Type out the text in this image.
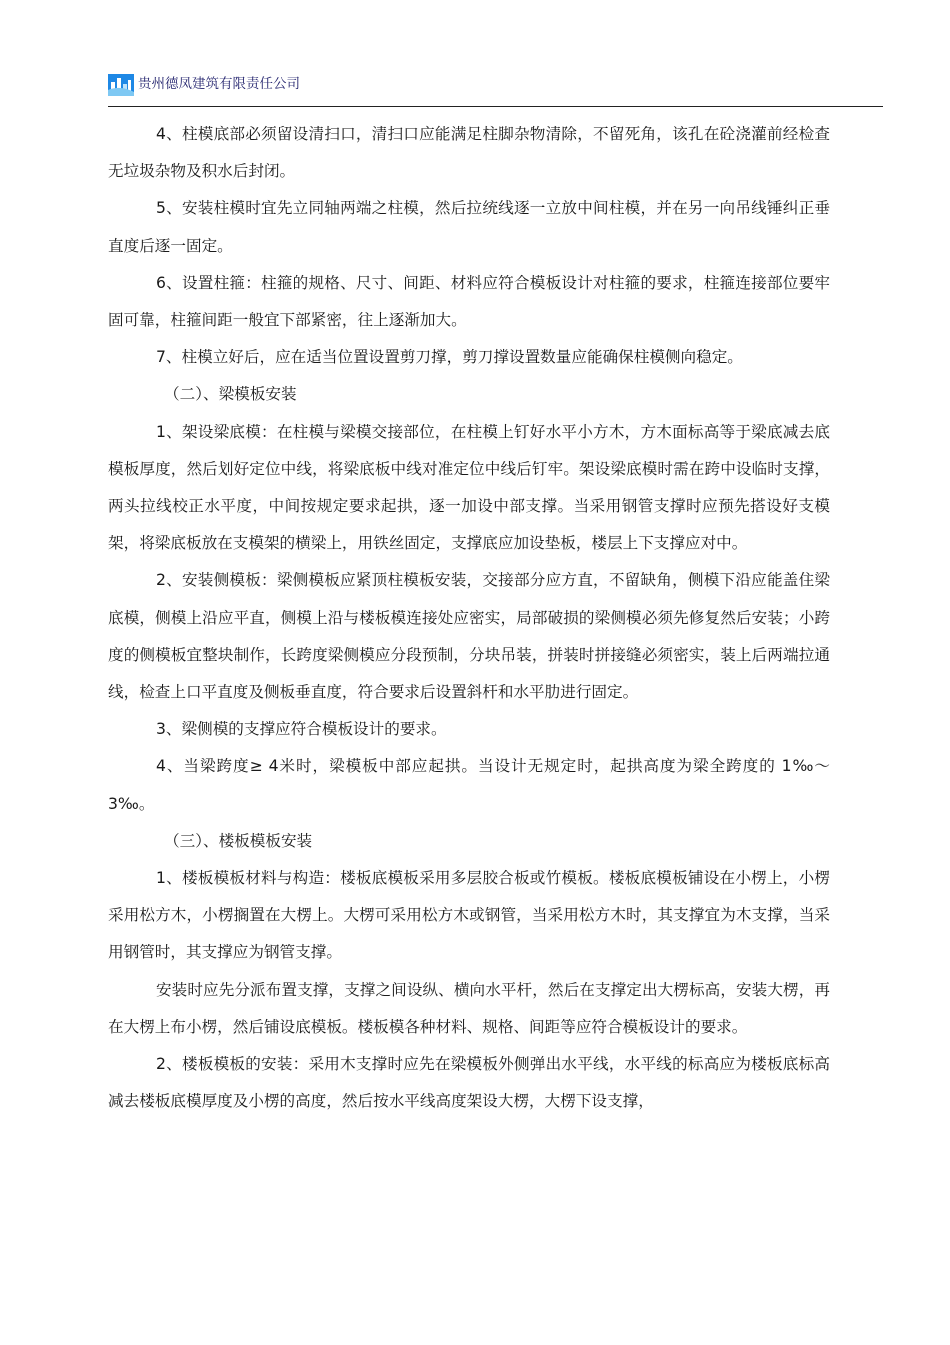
贵州德凤建筑有限责任公司

4、柱模底部必须留设清扫口，清扫口应能满足柱脚杂物清除，不留死角，该孔在砼浇灌前经检查无垃圾杂物及积水后封闭。

5、安装柱模时宜先立同轴两端之柱模，然后拉统线逐一立放中间柱模，并在另一向吊线锤纠正垂直度后逐一固定。

6、设置柱箍：柱箍的规格、尺寸、间距、材料应符合模板设计对柱箍的要求，柱箍连接部位要牢固可靠，柱箍间距一般宜下部紧密，往上逐渐加大。

7、柱模立好后，应在适当位置设置剪刀撑，剪刀撑设置数量应能确保柱模侧向稳定。

（二）、梁模板安装

1、架设梁底模：在柱模与梁模交接部位，在柱模上钉好水平小方木，方木面标高等于梁底减去底模板厚度，然后划好定位中线，将梁底板中线对准定位中线后钉牢。架设梁底模时需在跨中设临时支撑，两头拉线校正水平度，中间按规定要求起拱，逐一加设中部支撑。当采用钢管支撑时应预先搭设好支模架，将梁底板放在支模架的横梁上，用铁丝固定，支撑底应加设垫板，楼层上下支撑应对中。

2、安装侧模板：梁侧模板应紧顶柱模板安装，交接部分应方直，不留缺角，侧模下沿应能盖住梁底模，侧模上沿应平直，侧模上沿与楼板模连接处应密实，局部破损的梁侧模必须先修复然后安装；小跨度的侧模板宜整块制作，长跨度梁侧模应分段预制，分块吊装，拼装时拼接缝必须密实，装上后两端拉通线，检查上口平直度及侧板垂直度，符合要求后设置斜杆和水平肋进行固定。

3、梁侧模的支撑应符合模板设计的要求。

4、当梁跨度≥ 4米时，梁模板中部应起拱。当设计无规定时，起拱高度为梁全跨度的 1‰～ 3‰。

（三）、楼板模板安装

1、楼板模板材料与构造：楼板底模板采用多层胶合板或竹模板。楼板底模板铺设在小楞上，小楞采用松方木，小楞搁置在大楞上。大楞可采用松方木或钢管，当采用松方木时，其支撑宜为木支撑，当采用钢管时，其支撑应为钢管支撑。

安装时应先分派布置支撑，支撑之间设纵、横向水平杆，然后在支撑定出大楞标高，安装大楞，再在大楞上布小楞，然后铺设底模板。楼板模各种材料、规格、间距等应符合模板设计的要求。

2、楼板模板的安装：采用木支撑时应先在梁模板外侧弹出水平线，水平线的标高应为楼板底标高减去楼板底模厚度及小楞的高度，然后按水平线高度架设大楞，大楞下设支撑，
